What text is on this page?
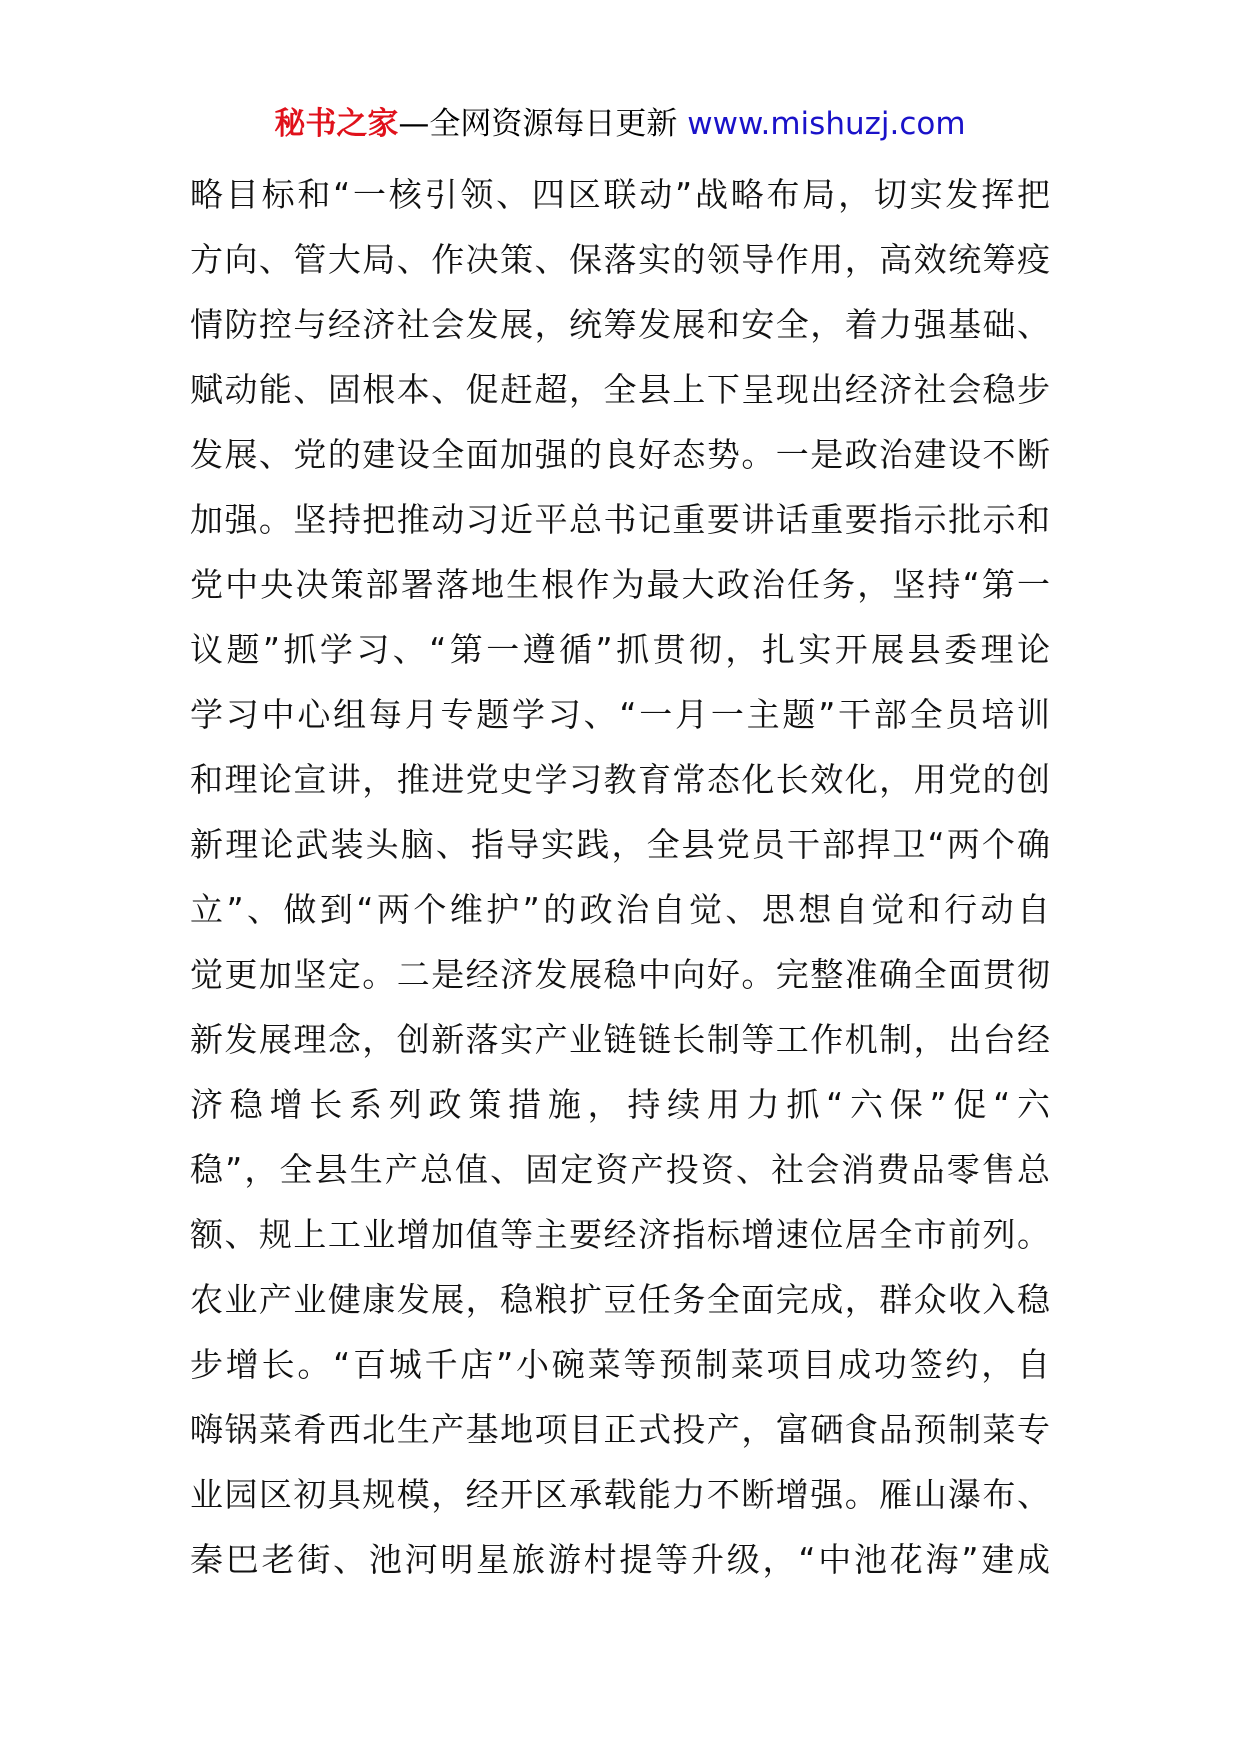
秘书之家—全网资源每日更新 www.mishuzj.com
略目标和“一核引领、四区联动”战略布局，切实发挥把
方向、管大局、作决策、保落实的领导作用，高效统筹疫
情防控与经济社会发展，统筹发展和安全，着力强基础、
赋动能、固根本、促赶超，全县上下呈现出经济社会稳步
发展、党的建设全面加强的良好态势。一是政治建设不断
加强。坚持把推动习近平总书记重要讲话重要指示批示和
党中央决策部署落地生根作为最大政治任务，坚持“第一
议题”抓学习、“第一遵循”抓贯彻，扎实开展县委理论
学习中心组每月专题学习、“一月一主题”干部全员培训
和理论宣讲，推进党史学习教育常态化长效化，用党的创
新理论武装头脑、指导实践，全县党员干部捍卫“两个确
立”、做到“两个维护”的政治自觉、思想自觉和行动自
觉更加坚定。二是经济发展稳中向好。完整准确全面贯彻
新发展理念，创新落实产业链链长制等工作机制，出台经
济稳增长系列政策措施，持续用力抓“六保”促“六
稳”，全县生产总值、固定资产投资、社会消费品零售总
额、规上工业增加值等主要经济指标增速位居全市前列。
农业产业健康发展，稳粮扩豆任务全面完成，群众收入稳
步增长。“百城千店”小碗菜等预制菜项目成功签约，自
嗨锅菜肴西北生产基地项目正式投产，富硒食品预制菜专
业园区初具规模，经开区承载能力不断增强。雁山瀑布、
秦巴老街、池河明星旅游村提等升级，“中池花海”建成
